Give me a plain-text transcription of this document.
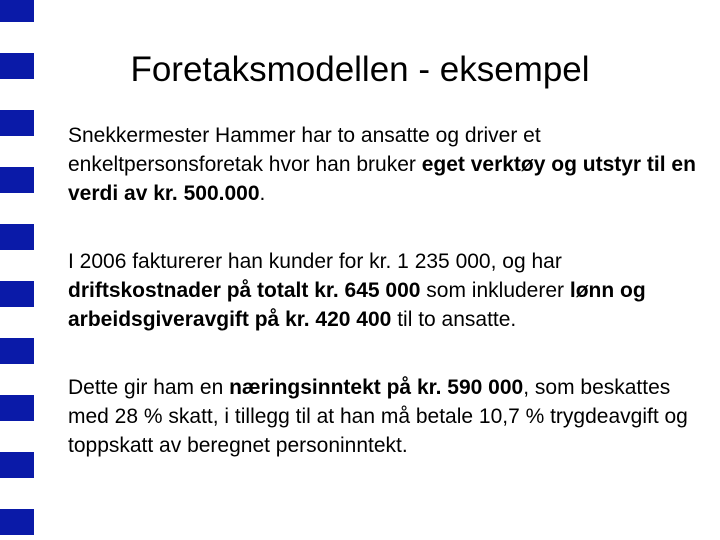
Foretaksmodellen - eksempel

Snekkermester Hammer har to ansatte og driver et enkeltpersonsforetak hvor han bruker eget verktøy og utstyr til en verdi av kr. 500.000.

I 2006 fakturerer han kunder for kr. 1 235 000, og har driftskostnader på totalt kr. 645 000 som inkluderer lønn og arbeidsgiveravgift på kr. 420 400 til to ansatte.

Dette gir ham en næringsinntekt på kr. 590 000, som beskattes med 28 % skatt, i tillegg til at han må betale 10,7 % trygdeavgift og toppskatt av beregnet personinntekt.
